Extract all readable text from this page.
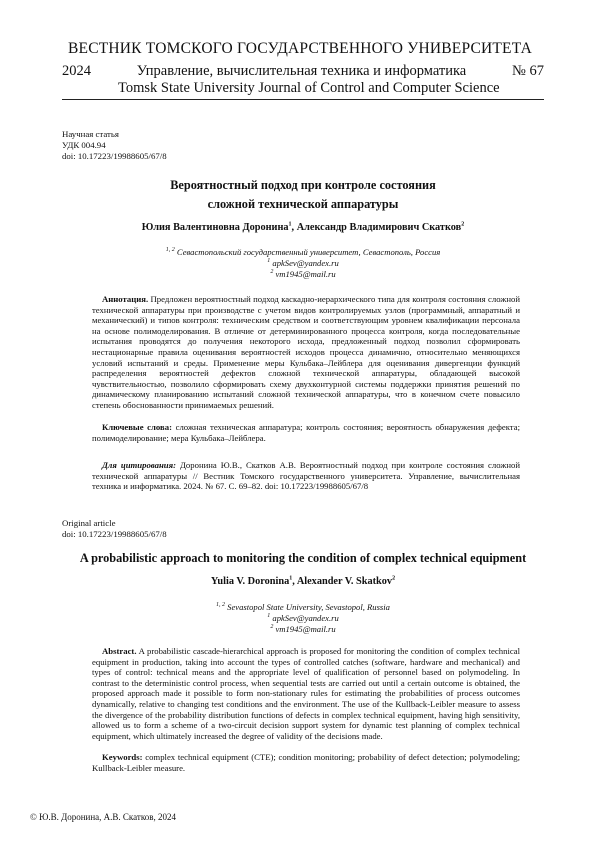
ВЕСТНИК ТОМСКОГО ГОСУДАРСТВЕННОГО УНИВЕРСИТЕТА
2024	Управление, вычислительная техника и информатика	№ 67
Tomsk State University Journal of Control and Computer Science
Научная статья
УДК 004.94
doi: 10.17223/19988605/67/8
Вероятностный подход при контроле состояния
сложной технической аппаратуры
Юлия Валентиновна Доронина$^1$, Александр Владимирович Скатков$^2$
$^{1, 2}$ Севастопольский государственный университет, Севастополь, Россия
$^1$ apkSev@yandex.ru
$^2$ vm1945@mail.ru
Аннотация. Предложен вероятностный подход каскадно-иерархического типа для контроля состояния сложной технической аппаратуры при производстве с учетом видов контролируемых узлов (программный, аппаратный и механический) и типов контроля: техническим средством и соответствующим уровнем квалификации персонала на основе полимоделирования. В отличие от детерминированного процесса контроля, когда последовательные испытания проводятся до получения некоторого исхода, предложенный подход позволил сформировать нестационарные правила оценивания вероятностей исходов процесса динамично, относительно меняющихся условий испытаний и среды. Применение меры Кульбака–Лейблера для оценивания дивергенции функций распределения вероятностей дефектов сложной технической аппаратуры, обладающей высокой чувствительностью, позволило сформировать схему двухконтурной системы поддержки принятия решений по динамическому планированию испытаний сложной технической аппаратуры, что в конечном счете повысило степень обоснованности принимаемых решений.
Ключевые слова: сложная техническая аппаратура; контроль состояния; вероятность обнаружения дефекта; полимоделирование; мера Кульбака–Лейблера.
Для цитирования: Доронина Ю.В., Скатков А.В. Вероятностный подход при контроле состояния сложной технической аппаратуры // Вестник Томского государственного университета. Управление, вычислительная техника и информатика. 2024. № 67. С. 69–82. doi: 10.17223/19988605/67/8
Original article
doi: 10.17223/19988605/67/8
A probabilistic approach to monitoring the condition of complex technical equipment
Yulia V. Doronina$^1$, Alexander V. Skatkov$^2$
$^{1, 2}$ Sevastopol State University, Sevastopol, Russia
$^1$ apkSev@yandex.ru
$^2$ vm1945@mail.ru
Abstract. A probabilistic cascade-hierarchical approach is proposed for monitoring the condition of complex technical equipment in production, taking into account the types of controlled catches (software, hardware and mechanical) and types of control: technical means and the appropriate level of qualification of personnel based on polymodeling. In contrast to the deterministic control process, when sequential tests are carried out until a certain outcome is obtained, the proposed approach made it possible to form non-stationary rules for estimating the probabilities of process outcomes dynamically, relative to changing test conditions and the environment. The use of the Kullback-Leibler measure to assess the divergence of the probability distribution functions of defects in complex technical equipment, having high sensitivity, allowed us to form a scheme of a two-circuit decision support system for dynamic test planning of complex technical equipment, which ultimately increased the degree of validity of the decisions made.
Keywords: complex technical equipment (CTE); condition monitoring; probability of defect detection; polymodeling; Kullback-Leibler measure.
© Ю.В. Доронина, А.В. Скатков, 2024
